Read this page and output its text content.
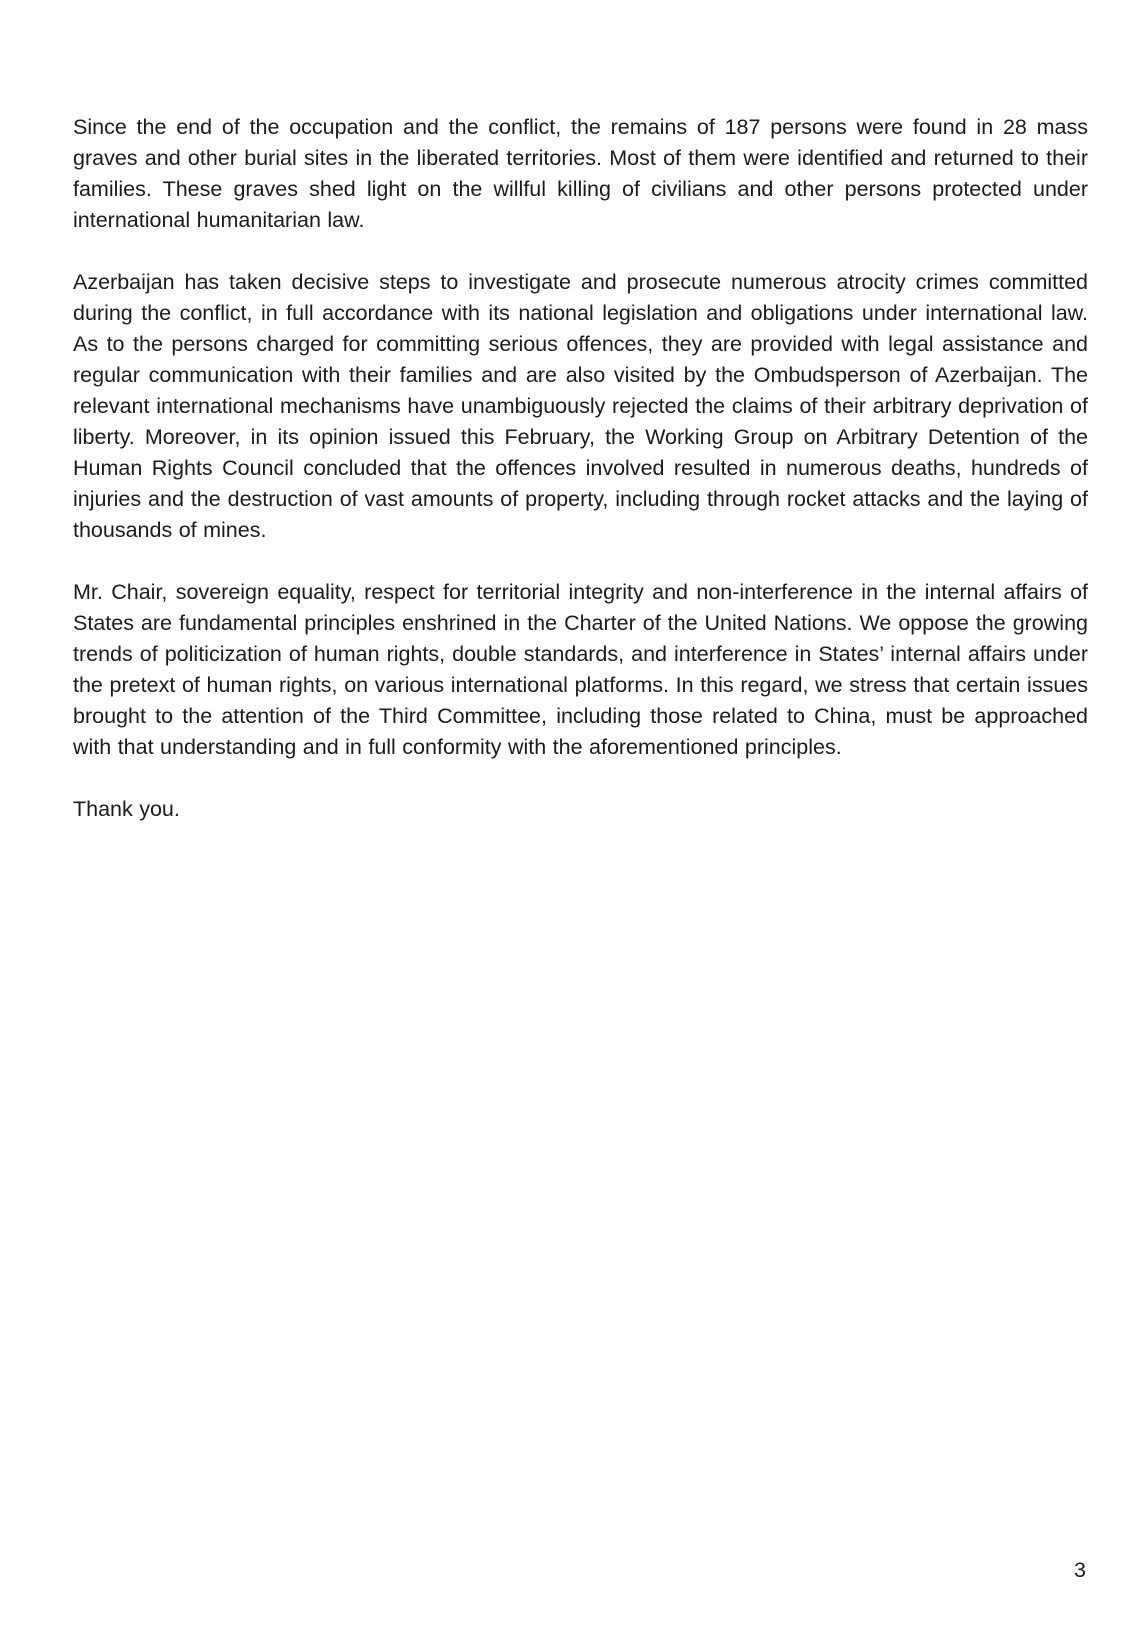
Since the end of the occupation and the conflict, the remains of 187 persons were found in 28 mass graves and other burial sites in the liberated territories. Most of them were identified and returned to their families. These graves shed light on the willful killing of civilians and other persons protected under international humanitarian law.

Azerbaijan has taken decisive steps to investigate and prosecute numerous atrocity crimes committed during the conflict, in full accordance with its national legislation and obligations under international law. As to the persons charged for committing serious offences, they are provided with legal assistance and regular communication with their families and are also visited by the Ombudsperson of Azerbaijan. The relevant international mechanisms have unambiguously rejected the claims of their arbitrary deprivation of liberty. Moreover, in its opinion issued this February, the Working Group on Arbitrary Detention of the Human Rights Council concluded that the offences involved resulted in numerous deaths, hundreds of injuries and the destruction of vast amounts of property, including through rocket attacks and the laying of thousands of mines.

Mr. Chair, sovereign equality, respect for territorial integrity and non-interference in the internal affairs of States are fundamental principles enshrined in the Charter of the United Nations. We oppose the growing trends of politicization of human rights, double standards, and interference in States’ internal affairs under the pretext of human rights, on various international platforms. In this regard, we stress that certain issues brought to the attention of the Third Committee, including those related to China, must be approached with that understanding and in full conformity with the aforementioned principles.

Thank you.

3
